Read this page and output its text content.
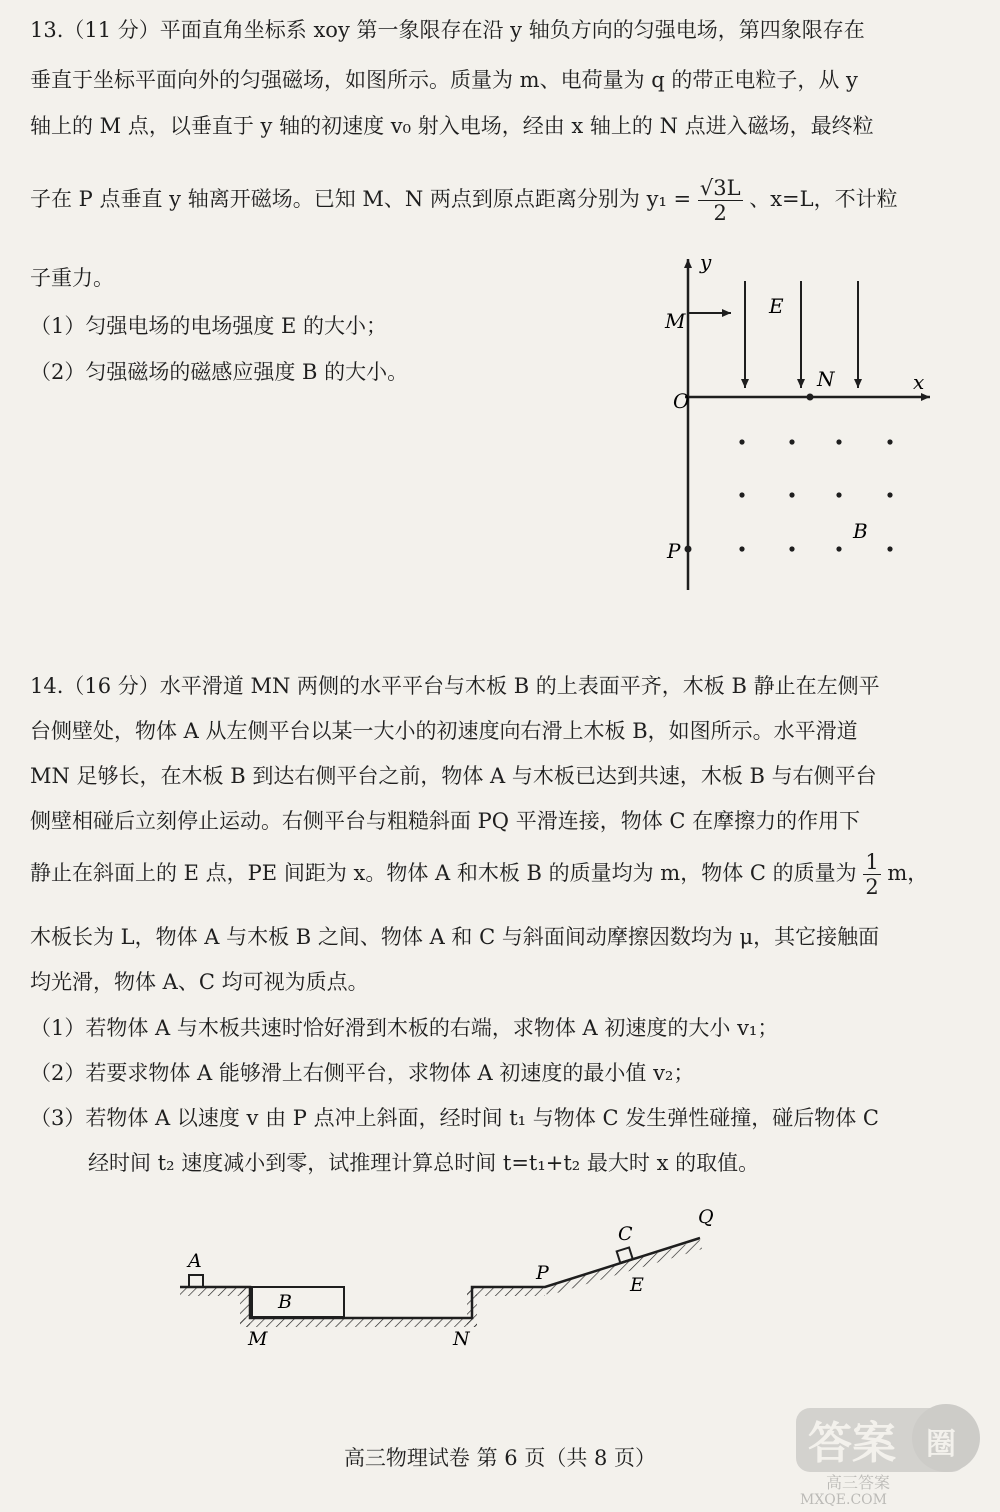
13.（11 分）平面直角坐标系 xoy 第一象限存在沿 y 轴负方向的匀强电场，第四象限存在
垂直于坐标平面向外的匀强磁场，如图所示。质量为 m、电荷量为 q 的带正电粒子，从 y
轴上的 M 点，以垂直于 y 轴的初速度 v₀ 射入电场，经由 x 轴上的 N 点进入磁场，最终粒
子在 P 点垂直 y 轴离开磁场。已知 M、N 两点到原点距离分别为 $y_1 = \frac{√3L}{2}$ 、x=L，不计粒
子重力。
（1）匀强电场的电场强度 E 的大小；
（2）匀强磁场的磁感应强度 B 的大小。
y
x
M
O
N
P
E
B
14.（16 分）水平滑道 MN 两侧的水平平台与木板 B 的上表面平齐，木板 B 静止在左侧平
台侧壁处，物体 A 从左侧平台以某一大小的初速度向右滑上木板 B，如图所示。水平滑道
MN 足够长，在木板 B 到达右侧平台之前，物体 A 与木板已达到共速，木板 B 与右侧平台
侧壁相碰后立刻停止运动。右侧平台与粗糙斜面 PQ 平滑连接，物体 C 在摩擦力的作用下
静止在斜面上的 E 点，PE 间距为 x。物体 A 和木板 B 的质量均为 m，物体 C 的质量为 $\frac{1}{2}$ m，
木板长为 L，物体 A 与木板 B 之间、物体 A 和 C 与斜面间动摩擦因数均为 μ，其它接触面
均光滑，物体 A、C 均可视为质点。
（1）若物体 A 与木板共速时恰好滑到木板的右端，求物体 A 初速度的大小 v₁；
（2）若要求物体 A 能够滑上右侧平台，求物体 A 初速度的最小值 v₂；
（3）若物体 A 以速度 v 由 P 点冲上斜面，经时间 t₁ 与物体 C 发生弹性碰撞，碰后物体 C
经时间 t₂ 速度减小到零，试推理计算总时间 t=t₁+t₂ 最大时 x 的取值。
A
B
M	N
P
C
Q
E
高三物理试卷 第 6 页（共 8 页）	答案 圈
高三答案
MXQE.COM
